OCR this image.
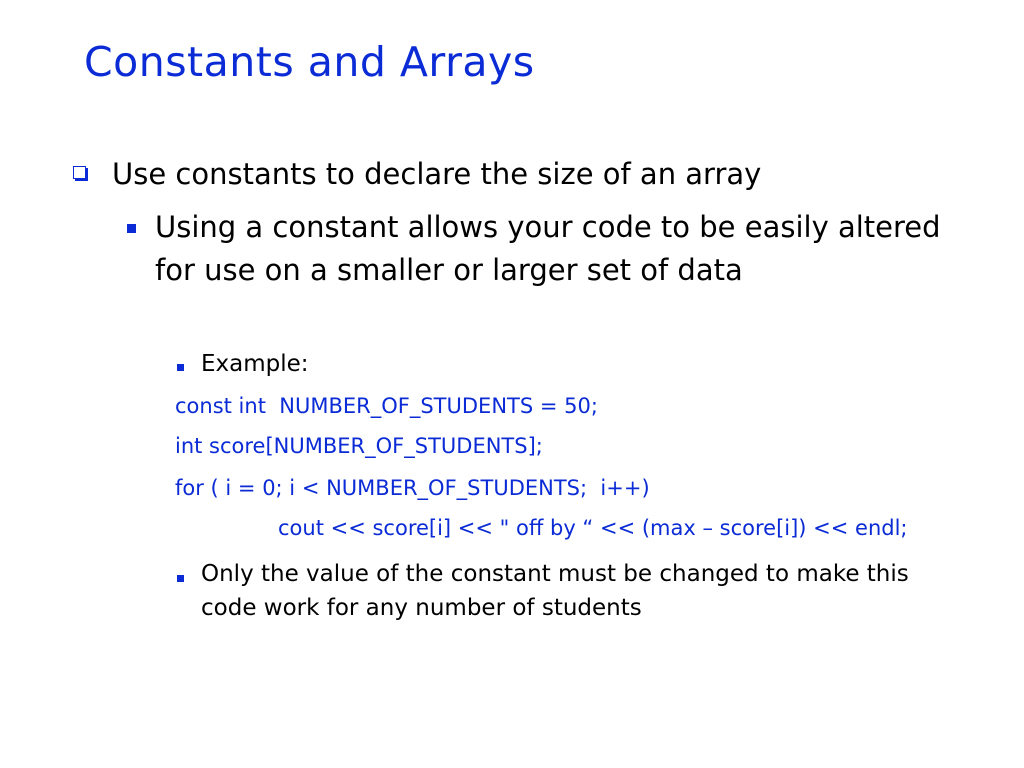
Constants and Arrays
Use constants to declare the size of an array
Using a constant allows your code to be easily altered for use on a smaller or larger set of data
Example:
const int  NUMBER_OF_STUDENTS = 50;
int score[NUMBER_OF_STUDENTS];
for ( i = 0; i < NUMBER_OF_STUDENTS;  i++)
cout << score[i] << " off by “ << (max – score[i]) << endl;
Only the value of the constant must be changed to make this code work for any number of students
